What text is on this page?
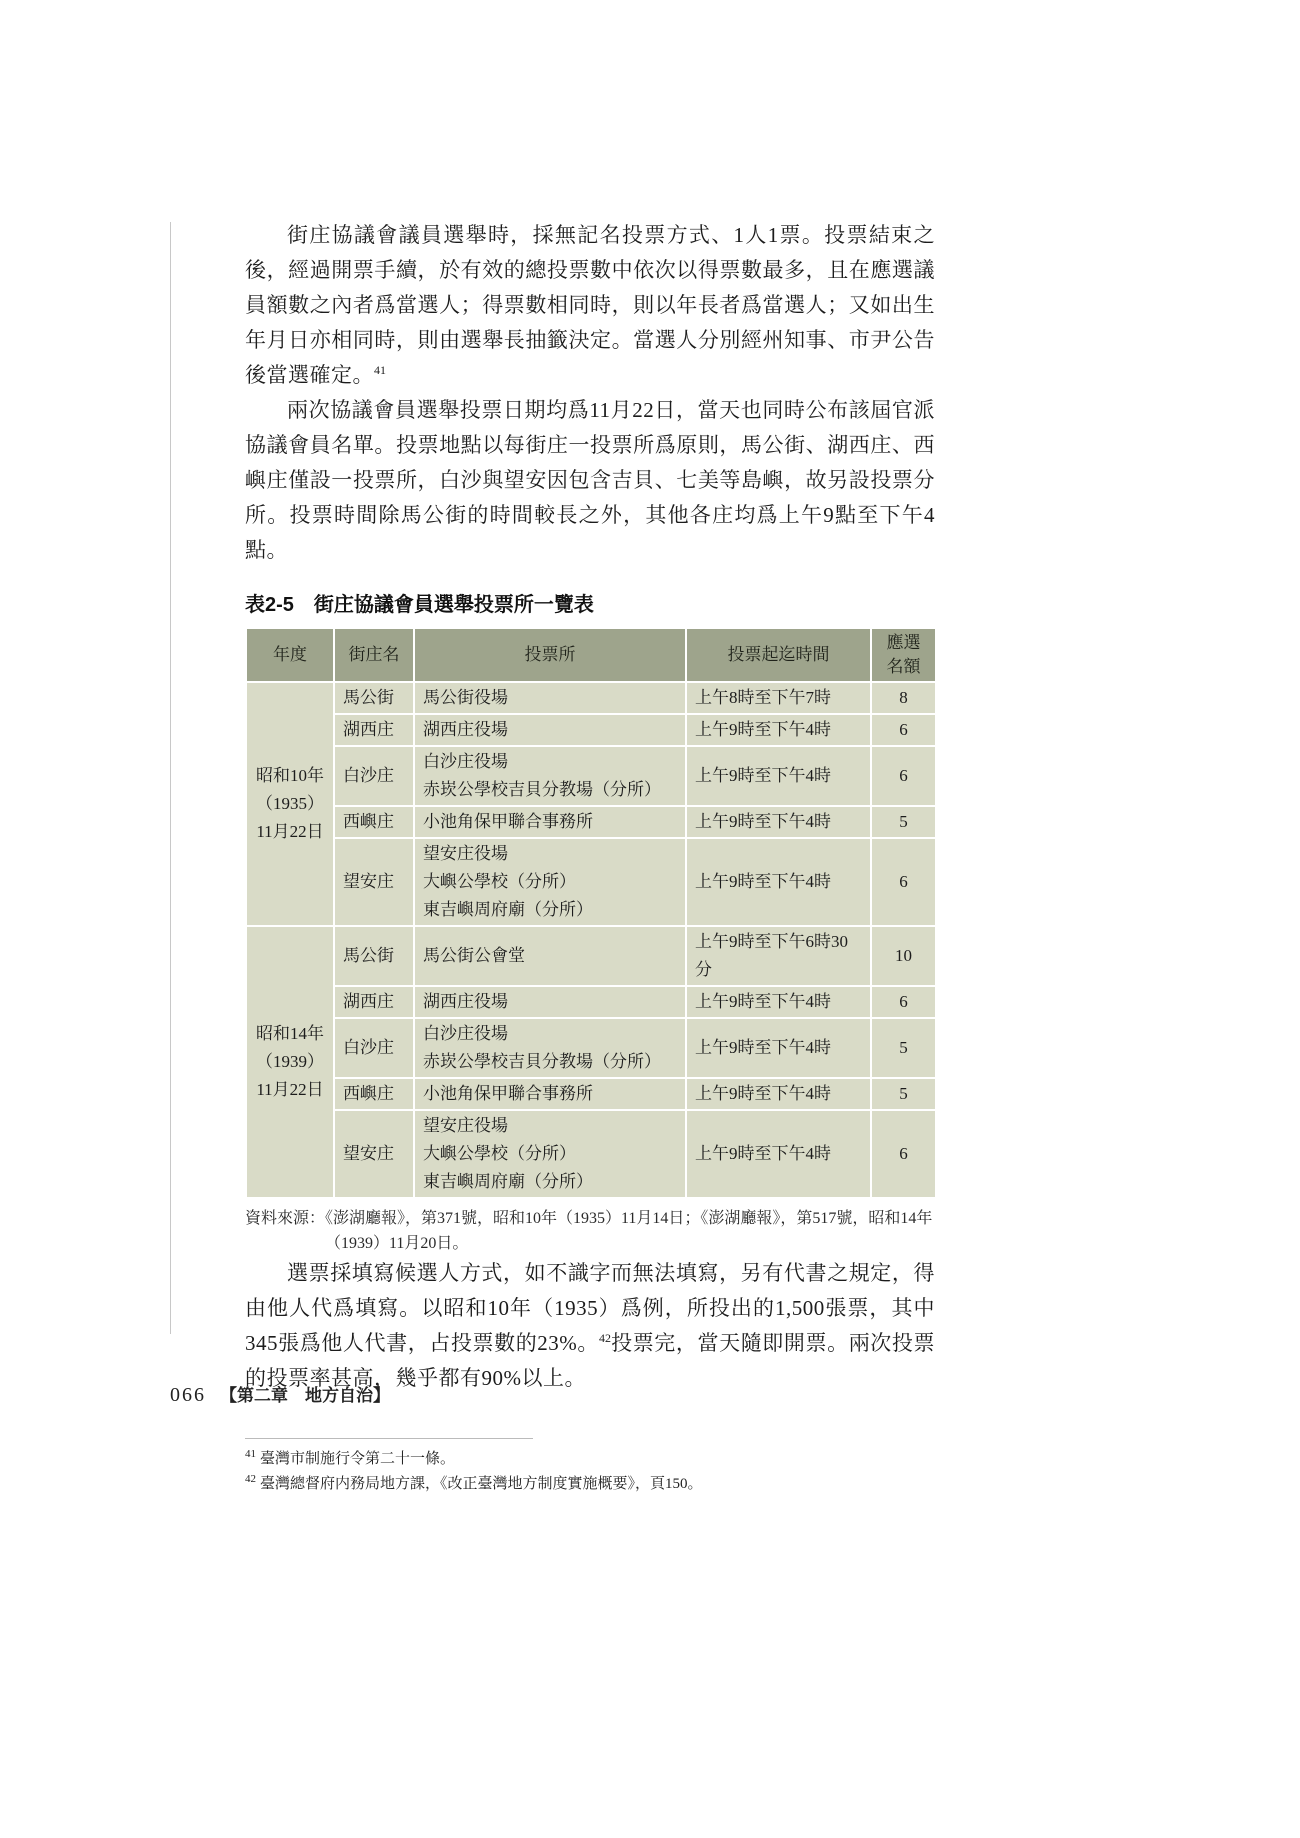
街庄協議會議員選舉時，採無記名投票方式、1人1票。投票結束之後，經過開票手續，於有效的總投票數中依次以得票數最多，且在應選議員額數之內者爲當選人；得票數相同時，則以年長者爲當選人；又如出生年月日亦相同時，則由選舉長抽籤決定。當選人分別經州知事、市尹公告後當選確定。$^{41}$

兩次協議會員選舉投票日期均爲11月22日，當天也同時公布該屆官派協議會員名單。投票地點以每街庄一投票所爲原則，馬公街、湖西庄、西嶼庄僅設一投票所，白沙與望安因包含吉貝、七美等島嶼，故另設投票分所。投票時間除馬公街的時間較長之外，其他各庄均爲上午9點至下午4點。

表2-5 街庄協議會員選舉投票所一覽表
年度	街庄名	投票所	投票起迄時間	應選名額

昭和10年
（1935）
11月22日	馬公街	馬公街役場	上午8時至下午7時	8
	湖西庄	湖西庄役場	上午9時至下午4時	6
	白沙庄	白沙庄役場
赤崁公學校吉貝分教場（分所）	上午9時至下午4時	6
	西嶼庄	小池角保甲聯合事務所	上午9時至下午4時	5
	望安庄	望安庄役場
大嶼公學校（分所）
東吉嶼周府廟（分所）	上午9時至下午4時	6

昭和14年
（1939）
11月22日	馬公街	馬公街公會堂	上午9時至下午6時30分	10
	湖西庄	湖西庄役場	上午9時至下午4時	6
	白沙庄	白沙庄役場
赤崁公學校吉貝分教場（分所）	上午9時至下午4時	5
	西嶼庄	小池角保甲聯合事務所	上午9時至下午4時	5
	望安庄	望安庄役場
大嶼公學校（分所）
東吉嶼周府廟（分所）	上午9時至下午4時	6
資料來源：《澎湖廳報》，第371號，昭和10年（1935）11月14日；《澎湖廳報》，第517號，昭和14年
（1939）11月20日。

選票採填寫候選人方式，如不識字而無法填寫，另有代書之規定，得由他人代爲填寫。以昭和10年（1935）爲例，所投出的1,500張票，其中345張爲他人代書，占投票數的23%。$^{42}$投票完，當天隨即開票。兩次投票的投票率甚高，幾乎都有90%以上。

$^{41}$ 臺灣市制施行令第二十一條。
$^{42}$ 臺灣總督府内務局地方課，《改正臺灣地方制度實施概要》，頁150。
066 【第二章　地方自治】
